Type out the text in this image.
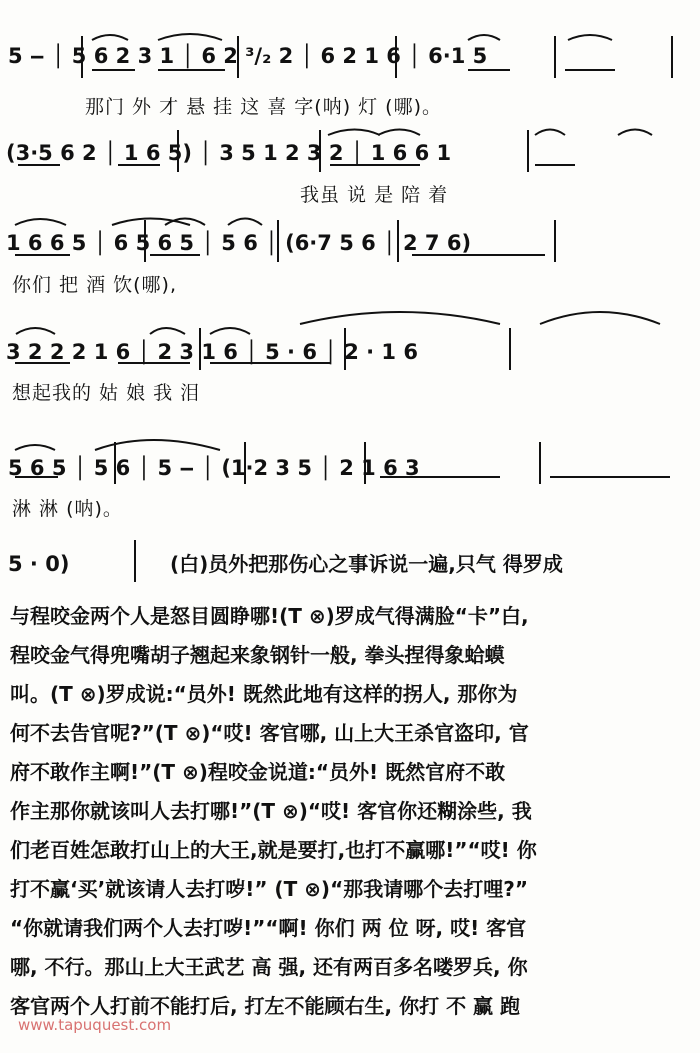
5 ‒ │ 5 6 2 3 1 │ 6 2 ³/₂ 2 │ 6 2 1 6 │ 6·1 5
那门 外 才 悬 挂 这 喜 字(呐) 灯 (哪)。
(3·5 6 2 │ 1 6 5) │ 3 5 1 2 3 2 │ 1 6 6 1
我虽 说 是 陪 着
1 6 6 5 │ 6 5 6 5 │ 5 6 │ (6·7 5 6 │ 2 7 6)
你们 把 酒 饮(哪),
3 2 2 2 1 6 │ 2 3 1 6 │ 5 · 6 │ 2 · 1 6
想起我的 姑 娘 我 泪
5 6 5 │ 5 6 │ 5 ‒ │ (1·2 3 5 │ 2 1 6 3
淋 淋 (呐)。
5 · 0)	(白)员外把那伤心之事诉说一遍,只气 得罗成
与程咬金两个人是怒目圆睁哪!(T ⊗)罗成气得满脸“卡”白,
程咬金气得兜嘴胡子翘起来象钢针一般, 拳头捏得象蛤蟆
叫。(T ⊗)罗成说:“员外! 既然此地有这样的拐人, 那你为
何不去告官呢?”(T ⊗)“哎! 客官哪, 山上大王杀官盗印, 官
府不敢作主啊!”(T ⊗)程咬金说道:“员外! 既然官府不敢
作主那你就该叫人去打哪!”(T ⊗)“哎! 客官你还糊涂些, 我
们老百姓怎敢打山上的大王,就是要打,也打不赢哪!”“哎! 你
打不赢‘买’就该请人去打哕!” (T ⊗)“那我请哪个去打哩?”
“你就请我们两个人去打哕!”“啊! 你们 两 位 呀, 哎! 客官
哪, 不行。那山上大王武艺 高 强, 还有两百多名喽罗兵, 你
客官两个人打前不能打后, 打左不能顾右生, 你打 不 赢 跑
www.tapuquest.com
